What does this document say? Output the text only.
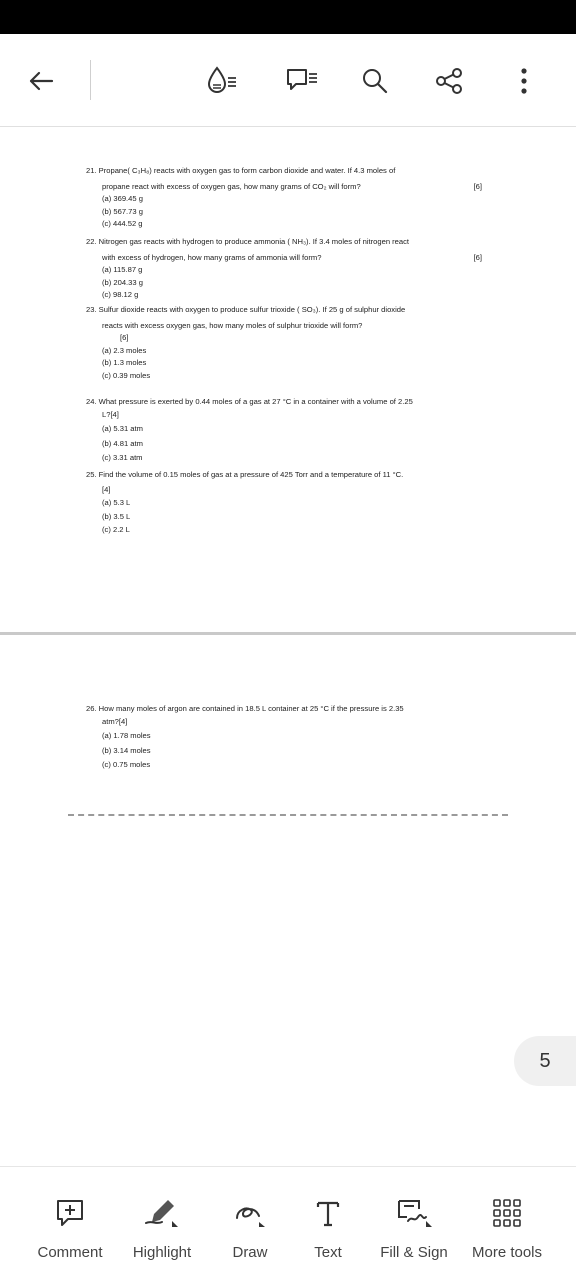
21. Propane( C₃H₈) reacts with oxygen gas to form carbon dioxide and water. If 4.3 moles of
propane react with excess of oxygen gas, how many grams of CO₂ will form?	[6]
(a) 369.45 g
(b) 567.73 g
(c) 444.52 g
22. Nitrogen gas reacts with hydrogen to produce ammonia ( NH₃). If 3.4 moles of nitrogen react
with excess of hydrogen, how many grams of ammonia will form?	[6]
(a) 115.87 g
(b) 204.33 g
(c) 98.12 g
23. Sulfur dioxide reacts with oxygen to produce sulfur trioxide ( SO₃). If 25 g of sulphur dioxide
reacts with excess oxygen gas, how many moles of sulphur trioxide will form?
[6]
(a) 2.3 moles
(b) 1.3 moles
(c) 0.39 moles
24. What pressure is exerted by 0.44 moles of a gas at 27 °C in a container with a volume of 2.25
L?[4]
(a) 5.31 atm
(b) 4.81 atm
(c) 3.31 atm
25. Find the volume of 0.15 moles of gas at a pressure of 425 Torr and a temperature of 11 °C.
[4]
(a) 5.3 L
(b) 3.5 L
(c) 2.2 L
26. How many moles of argon are contained in 18.5 L container at 25 °C if the pressure is 2.35
atm?[4]
(a) 1.78 moles
(b) 3.14 moles
(c) 0.75 moles
5
Comment Highlight	Draw	Text	Fill & Sign More tools
